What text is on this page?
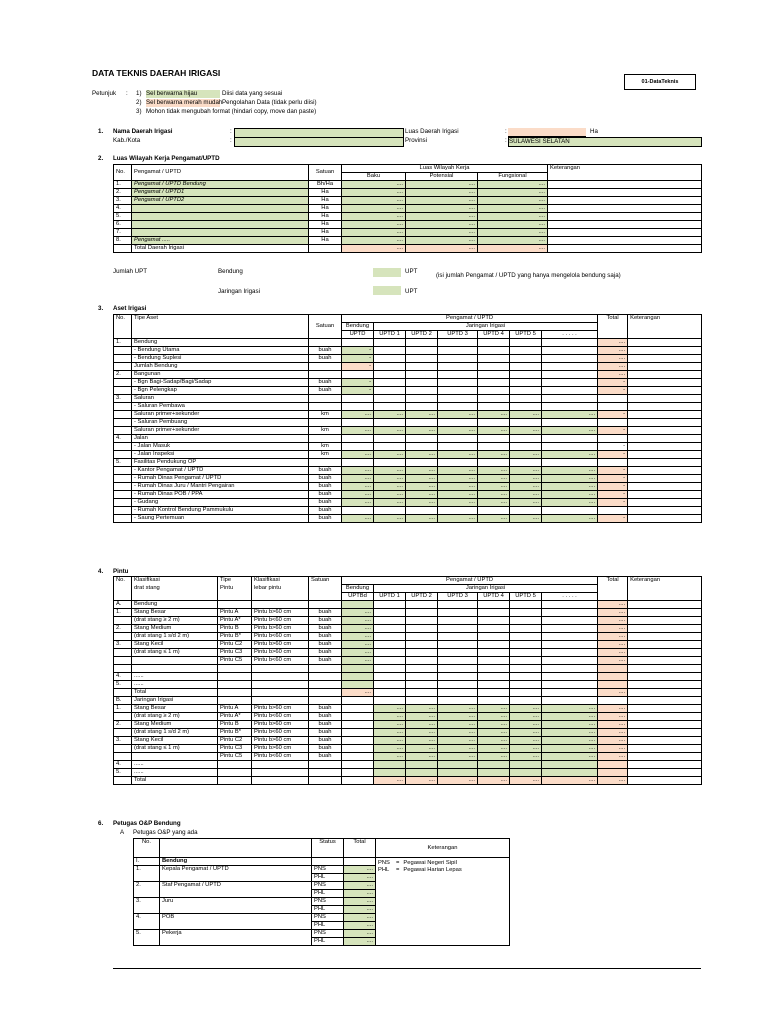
DATA TEKNIS DAERAH IRIGASI
01-DataTeknis
Petunjuk : 1) Sel berwarna hijau	Diisi data yang sesuai
2) Sel berwarna merah mudah Pengolahan Data (tidak perlu diisi)
3) Mohon tidak mengubah format (hindari copy, move dan paste)
1. Nama Daerah Irigasi	:
Kab./Kota	:
Luas Daerah Irigasi	:	Ha
Provinsi	: SULAWESI SELATAN
2. Luas Wilayah Kerja Pengamat/UPTD
No.	Pengamat / UPTD	Satuan	Luas Wilayah Kerja			Keterangan
			Baku	Potensial	Fungsional	
1.	Pengamat / UPTD Bendung	Bh/Ha	....	....	....	
2.	Pengamat / UPTD1	Ha	....	....	....	
3.	Pengamat / UPTD2	Ha	....	....	....	
4.		Ha	....	....	....	
5.		Ha	....	....	....	
6.		Ha	....	....	....	
7.		Ha	....	....	....	
8.	Pengamat .....	Ha	....	....	....	
	Total Daerah Irigasi		....	....	....	
Jumlah UPT	Bendung	UPT
(isi jumlah Pengamat / UPTD yang hanya mengelola bendung saja)
Jaringan Irigasi	UPT
3. Aset Irigasi
No.	Tipe Aset	Satuan	Pengamat / UPTD							Total	Keterangan
			Bendung	Jaringan Irigasi							
			UPTD	UPTD 1	UPTD 2	UPTD 3	UPTD 4	UPTD 5	. . . . .		
1.	Bendung									....	
	- Bendung Utama	buah	-							....	
	- Bendung Suplesi	buah	-							....	
	Jumlah Bendung		-							....	
2.	Bangunan									....	
	- Bgn Bagi-Sadap/Bagi/Sadap	buah	-							-	
	- Bgn Pelengkap	buah	-							-	
3.	Saluran										
	- Saluran Pembawa										
	Saluran primer+sekunder	km	....	....	....	....	....	....	....	-	
	- Saluran Pembuang										
	Saluran primer+sekunder	km	....	....	....	....	....	....	....	-	
4.	Jalan										
	- Jalan Masuk	km								-	
	- Jalan Inspeksi	km	....	....	....	....	....	....	....	-	
5.	Fasilitas Pendukung OP										
	- Kantor Pengamat / UPTD	buah	....	....	....	....	....	....	....	-	
	- Rumah Dinas Pengamat / UPTD	buah	....	....	....	....	....	....	....	-	
	- Rumah Dinas Juru / Mantri Pengairan	buah	....	....	....	....	....	....	....	-	
	- Rumah Dinas POB / PPA	buah	....	....	....	....	....	....	....	-	
	- Gudang	buah	....	....	....	....	....	....	....	-	
	- Rumah Kontrol Bendung Pammukulu	buah									
	- Saung Pertemuan	buah	....	....	....	....	....	....	....	-	
4. Pintu
No.	Klasifikasi	Tipe	Klasifikasi	Satuan	Pengamat / UPTD							Total	Keterangan
	drat stang	Pintu	lebar pintu		Bendung	Jaringan Irigasi							
					UPTBd	UPTD 1	UPTD 2	UPTD 3	UPTD 4	UPTD 5	. . . . .		
A.	Bendung											....	
1.	Stang Besar	Pintu A	Pintu b>60 cm	buah	....							....	
	(drat stang ≥ 2 m)	Pintu A*	Pintu b<60 cm	buah	....							....	
2.	Stang Medium	Pintu B	Pintu b>60 cm	buah	....							....	
	(drat stang 1 s/d 2 m)	Pintu B*	Pintu b<60 cm	buah	....							....	
3.	Stang Kecil	Pintu C2	Pintu b>60 cm	buah	....							....	
	(drat stang ≤ 1 m)	Pintu C3	Pintu b>60 cm	buah	....							....	
		Pintu C5	Pintu b<60 cm	buah	....							....	

4.	......												
5.	......												
	Total				....							....	
B.	Jaringan Irigasi												
1.	Stang Besar	Pintu A	Pintu b>60 cm	buah		....	....	....	....	....	....	....	
	(drat stang ≥ 2 m)	Pintu A*	Pintu b<60 cm	buah		....	....	....	....	....	....	....	
2.	Stang Medium	Pintu B	Pintu b>60 cm	buah		....	....	....	....	....	....	....	
	(drat stang 1 s/d 2 m)	Pintu B*	Pintu b<60 cm	buah		....	....	....	....	....	....	....	
3.	Stang Kecil	Pintu C2	Pintu b>60 cm	buah		....	....	....	....	....	....	....	
	(drat stang ≤ 1 m)	Pintu C3	Pintu b>60 cm	buah		....	....	....	....	....	....	....	
		Pintu C5	Pintu b<60 cm	buah		....	....	....	....	....	....	....	
4.	......												
5.	......												
	Total					....	....	....	....	....	....	....	
6. Petugas O&P Bendung
A Petugas O&P yang ada
No.		Status	Total	Keterangan
I.	Bendung			PNS = Pegawai Negeri Sipil
PHL = Pegawai Harian Lepas

1.	Kepala Pengamat / UPTD	PNS	....	
		PHL	....	
2.	Staf Pengamat / UPTD	PNS	....	
		PHL	....	
3.	Juru	PNS	....	
		PHL	....	
4.	POB	PNS	....	
		PHL	....	
5.	Pekerja	PNS	....	
		PHL	....	
